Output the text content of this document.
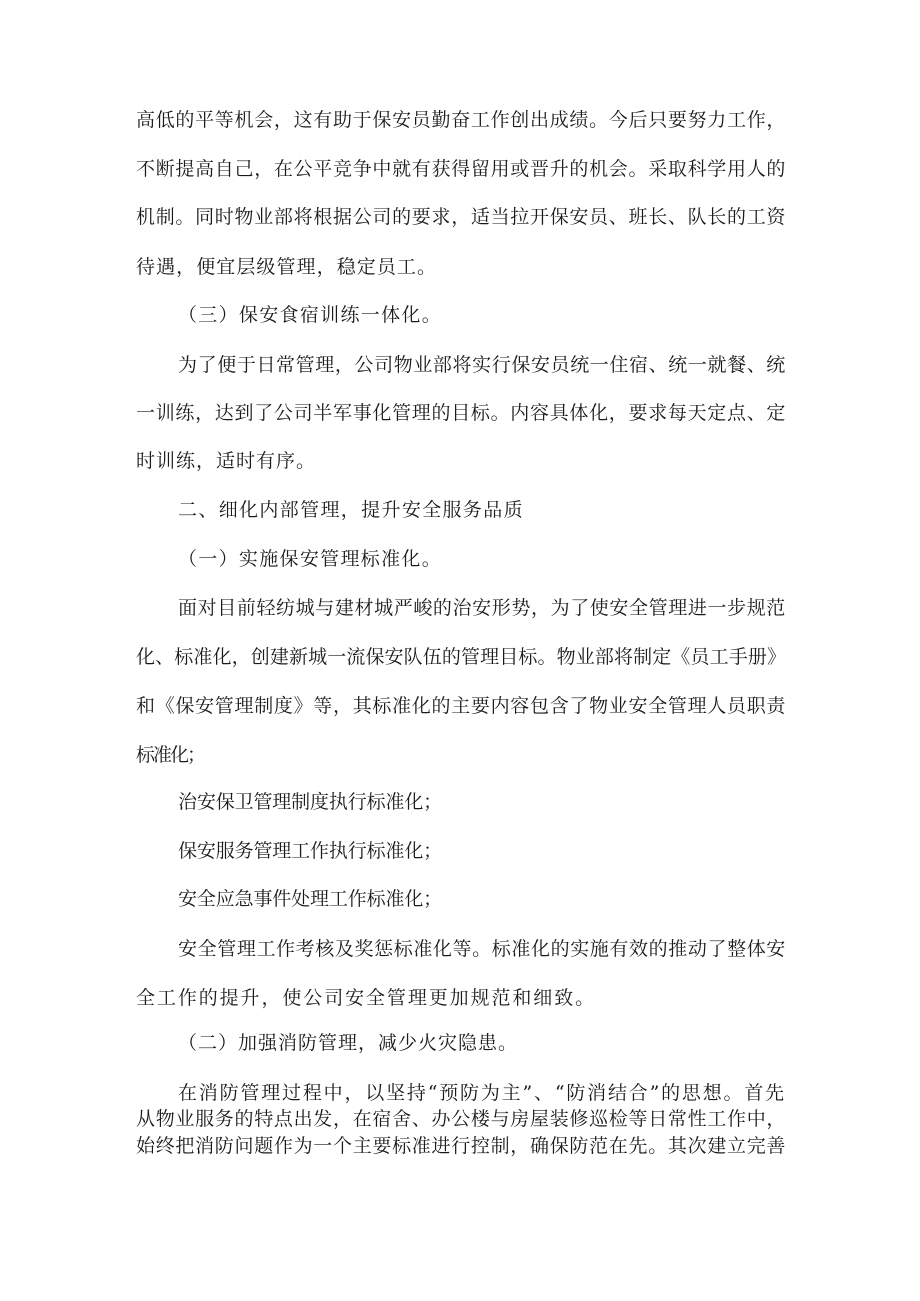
高低的平等机会，这有助于保安员勤奋工作创出成绩。今后只要努力工作，

不断提高自己，在公平竞争中就有获得留用或晋升的机会。采取科学用人的

机制。同时物业部将根据公司的要求，适当拉开保安员、班长、队长的工资

待遇，便宜层级管理，稳定员工。

（三）保安食宿训练一体化。

为了便于日常管理，公司物业部将实行保安员统一住宿、统一就餐、统

一训练，达到了公司半军事化管理的目标。内容具体化，要求每天定点、定

时训练，适时有序。

二、细化内部管理，提升安全服务品质

（一）实施保安管理标准化。

面对目前轻纺城与建材城严峻的治安形势，为了使安全管理进一步规范

化、标准化，创建新城一流保安队伍的管理目标。物业部将制定《员工手册》

和《保安管理制度》等，其标准化的主要内容包含了物业安全管理人员职责

标准化；

治安保卫管理制度执行标准化；

保安服务管理工作执行标准化；

安全应急事件处理工作标准化；

安全管理工作考核及奖惩标准化等。标准化的实施有效的推动了整体安

全工作的提升，使公司安全管理更加规范和细致。

（二）加强消防管理，减少火灾隐患。

在消防管理过程中，以坚持“预防为主”、“防消结合”的思想。首先

从物业服务的特点出发，在宿舍、办公楼与房屋装修巡检等日常性工作中，

始终把消防问题作为一个主要标准进行控制，确保防范在先。其次建立完善
